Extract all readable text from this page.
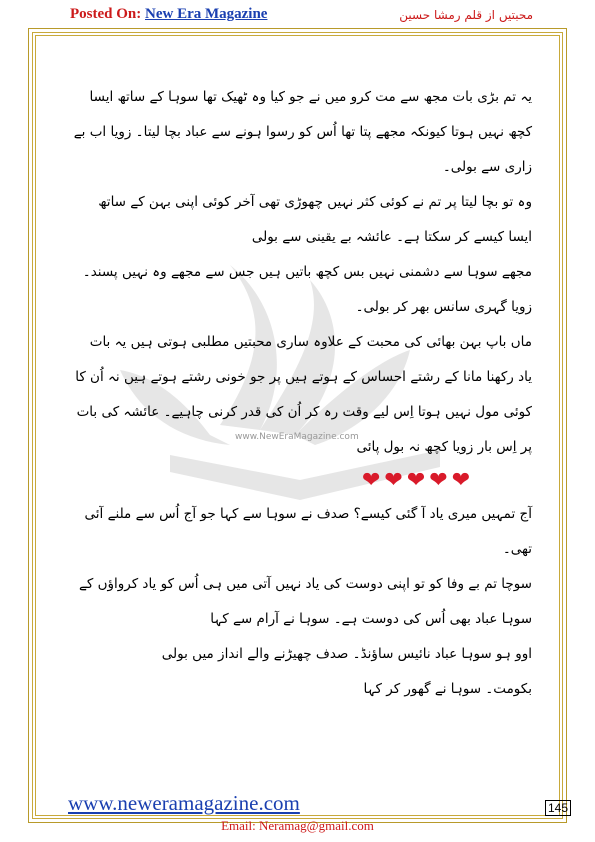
Posted On: New Era Magazine	محبتیں از قلم رمشا حسین
www.NewEraMagazine.com

یہ تم بڑی بات مجھ سے مت کرو میں نے جو کیا وہ ٹھیک تھا سوہا کے ساتھ ایسا کچھ نہیں ہوتا کیونکہ مجھے پتا تھا اُس کو رسوا ہونے سے عباد بچا لیتا۔ زویا اب بے زاری سے بولی۔

وہ تو بچا لیتا پر تم نے کوئی کثر نہیں چھوڑی تھی آخر کوئی اپنی بہن کے ساتھ ایسا کیسے کر سکتا ہے۔ عائشہ بے یقینی سے بولی

مجھے سوہا سے دشمنی نہیں بس کچھ باتیں ہیں جس سے مجھے وہ نہیں پسند۔ زویا گہری سانس بھر کر بولی۔

ماں باپ بہن بھائی کی محبت کے علاوہ ساری محبتیں مطلبی ہوتی ہیں یہ بات یاد رکھنا مانا کے رشتے احساس کے ہوتے ہیں پر جو خونی رشتے ہوتے ہیں نہ اُن کا کوئی مول نہیں ہوتا اِس لیے وقت رہ کر اُن کی قدر کرنی چاہیے۔ عائشہ کی بات پر اِس بار زویا کچھ نہ بول پائی

❤❤❤❤❤

آج تمہیں میری یاد آ گئی کیسے؟ صدف نے سوہا سے کہا جو آج اُس سے ملنے آئی تھی۔

سوچا تم بے وفا کو تو اپنی دوست کی یاد نہیں آتی میں ہی اُس کو یاد کرواؤں کے سوہا عباد بھی اُس کی دوست ہے۔ سوہا نے آرام سے کہا

اوو ہو سوہا عباد نائیس ساؤنڈ۔ صدف چھیڑنے والے انداز میں بولی

بکومت۔ سوہا نے گھور کر کہا

www.neweramagazine.com	145
Email: Neramag@gmail.com
